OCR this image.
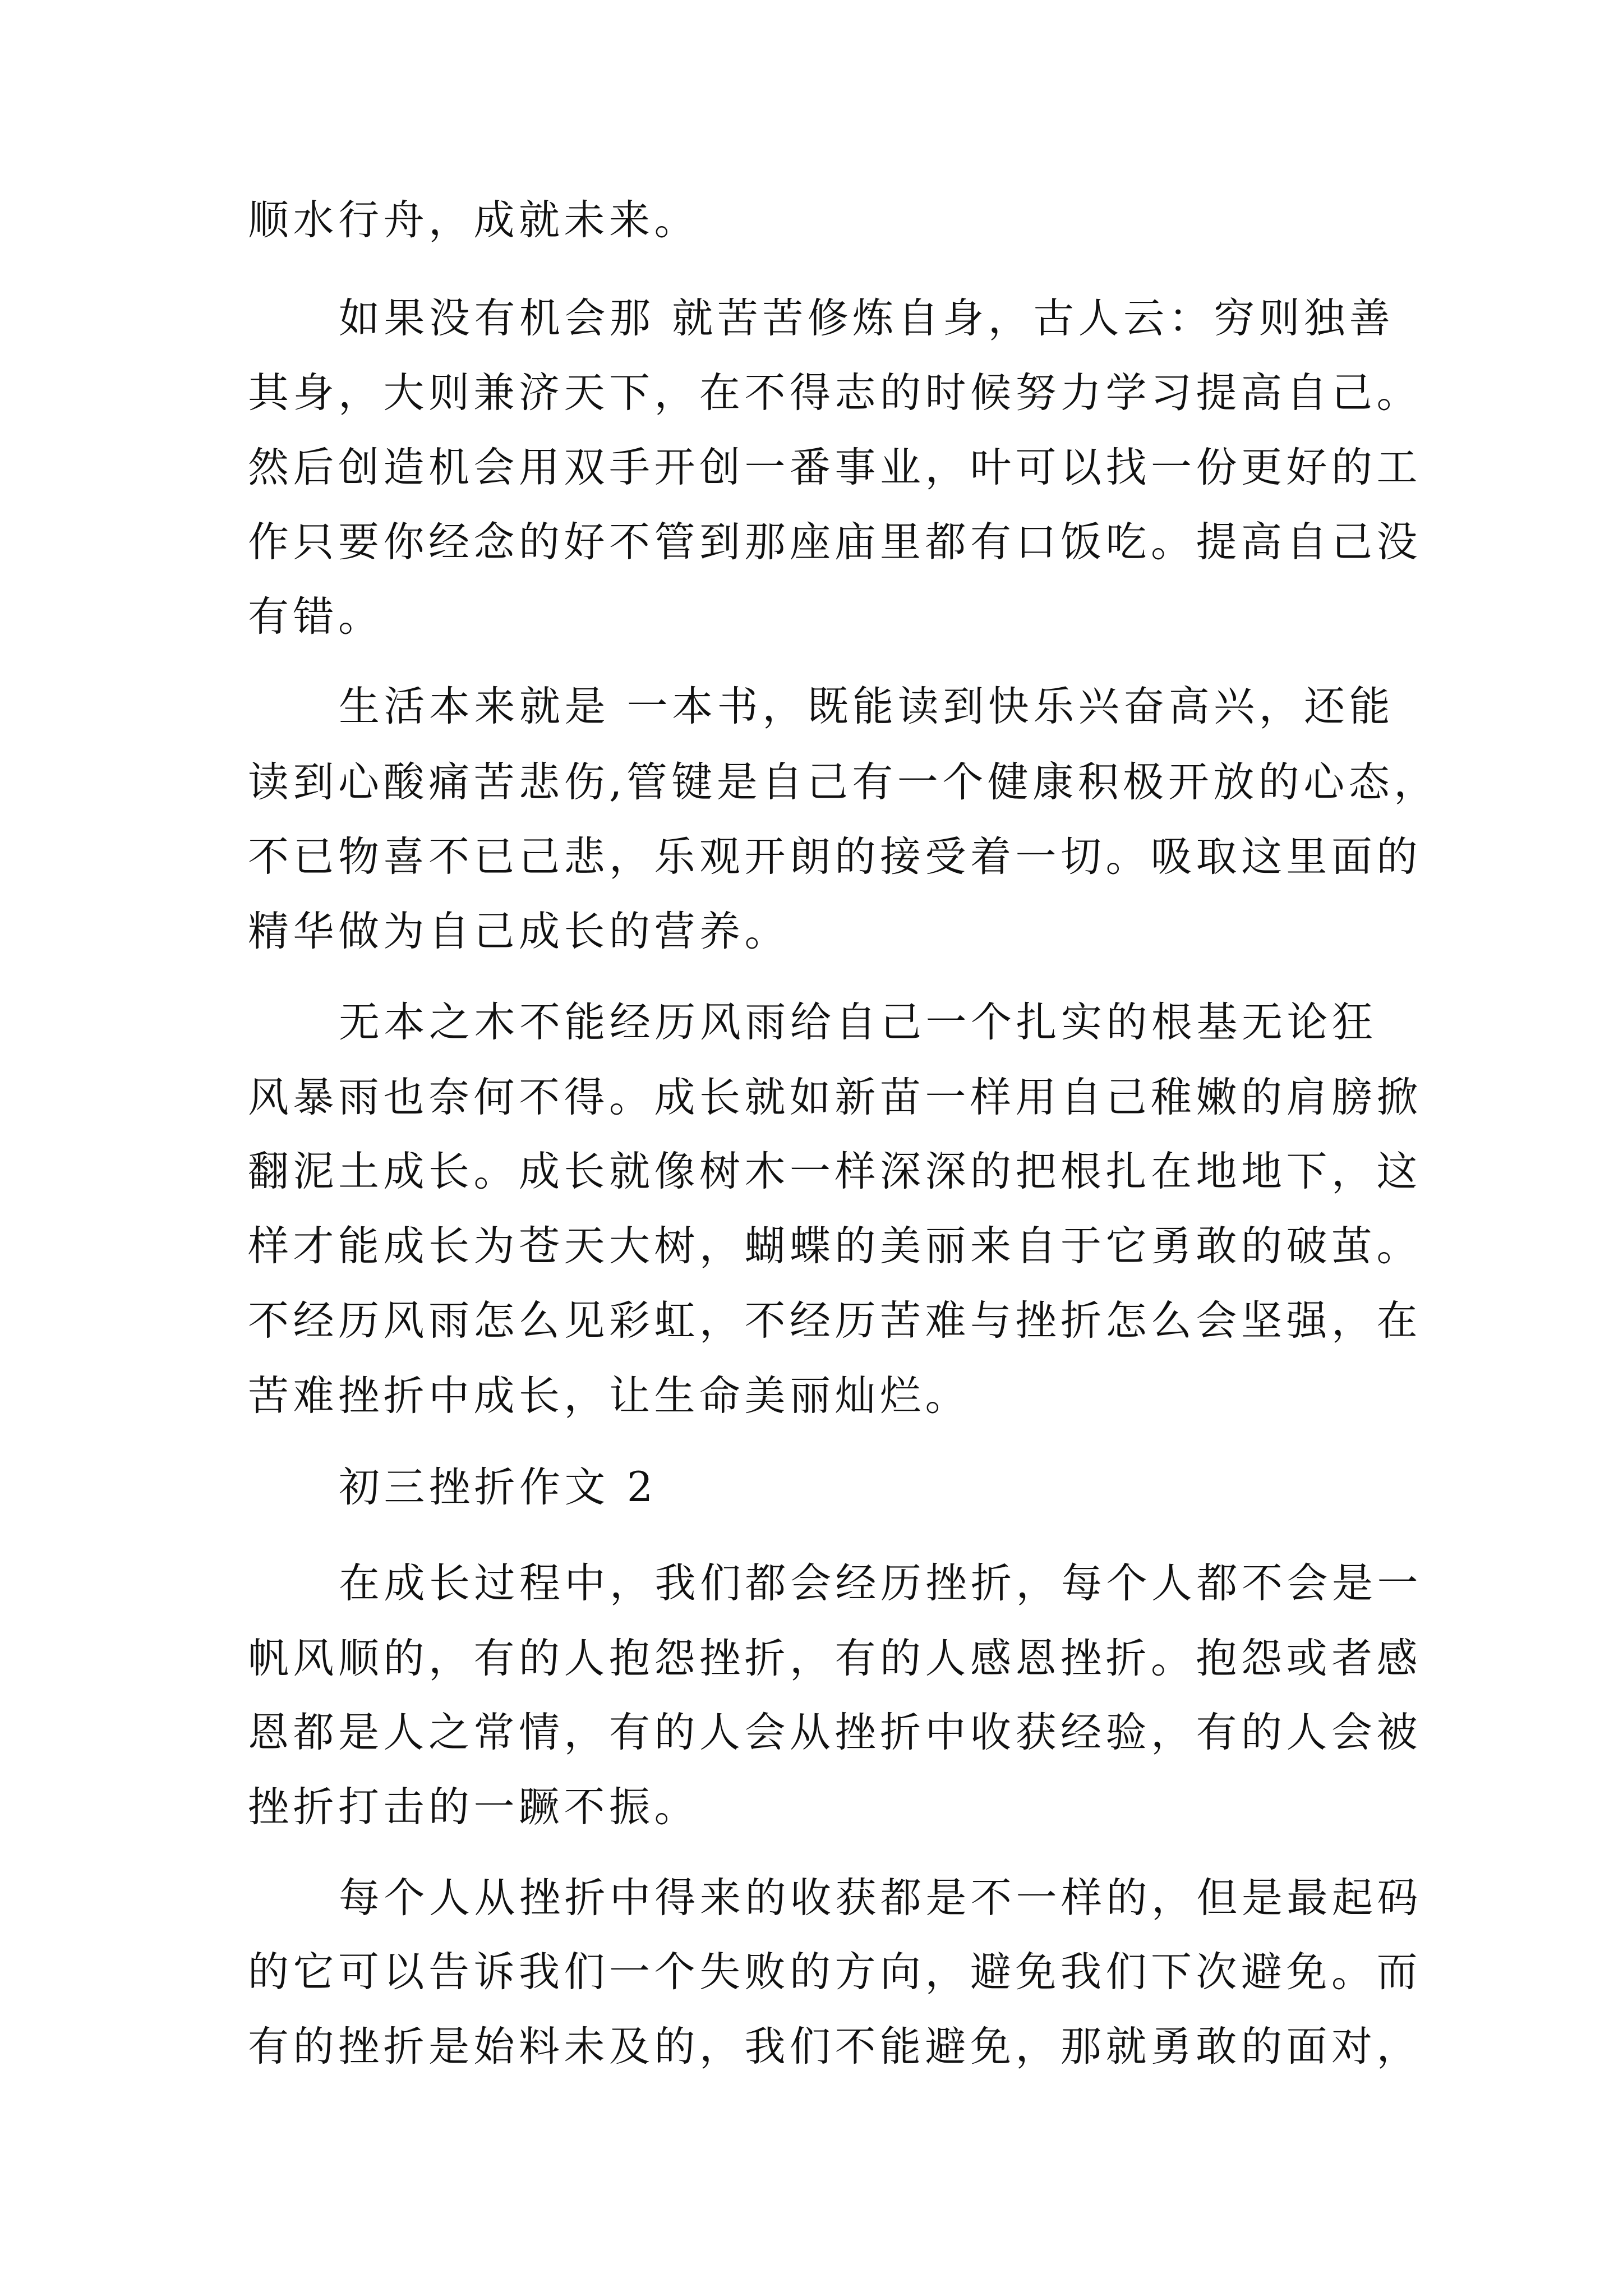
顺水行舟，成就未来。
如果没有机会那 就苦苦修炼自身，古人云：穷则独善
其身，大则兼济天下，在不得志的时候努力学习提高自己。
然后创造机会用双手开创一番事业，叶可以找一份更好的工
作只要你经念的好不管到那座庙里都有口饭吃。提高自己没
有错。
生活本来就是 一本书，既能读到快乐兴奋高兴，还能
读到心酸痛苦悲伤,管键是自己有一个健康积极开放的心态，
不已物喜不已己悲，乐观开朗的接受着一切。吸取这里面的
精华做为自己成长的营养。
无本之木不能经历风雨给自己一个扎实的根基无论狂
风暴雨也奈何不得。成长就如新苗一样用自己稚嫩的肩膀掀
翻泥土成长。成长就像树木一样深深的把根扎在地地下，这
样才能成长为苍天大树，蝴蝶的美丽来自于它勇敢的破茧。
不经历风雨怎么见彩虹，不经历苦难与挫折怎么会坚强，在
苦难挫折中成长，让生命美丽灿烂。
初三挫折作文 2
在成长过程中，我们都会经历挫折，每个人都不会是一
帆风顺的，有的人抱怨挫折，有的人感恩挫折。抱怨或者感
恩都是人之常情，有的人会从挫折中收获经验，有的人会被
挫折打击的一蹶不振。
每个人从挫折中得来的收获都是不一样的，但是最起码
的它可以告诉我们一个失败的方向，避免我们下次避免。而
有的挫折是始料未及的，我们不能避免，那就勇敢的面对，
